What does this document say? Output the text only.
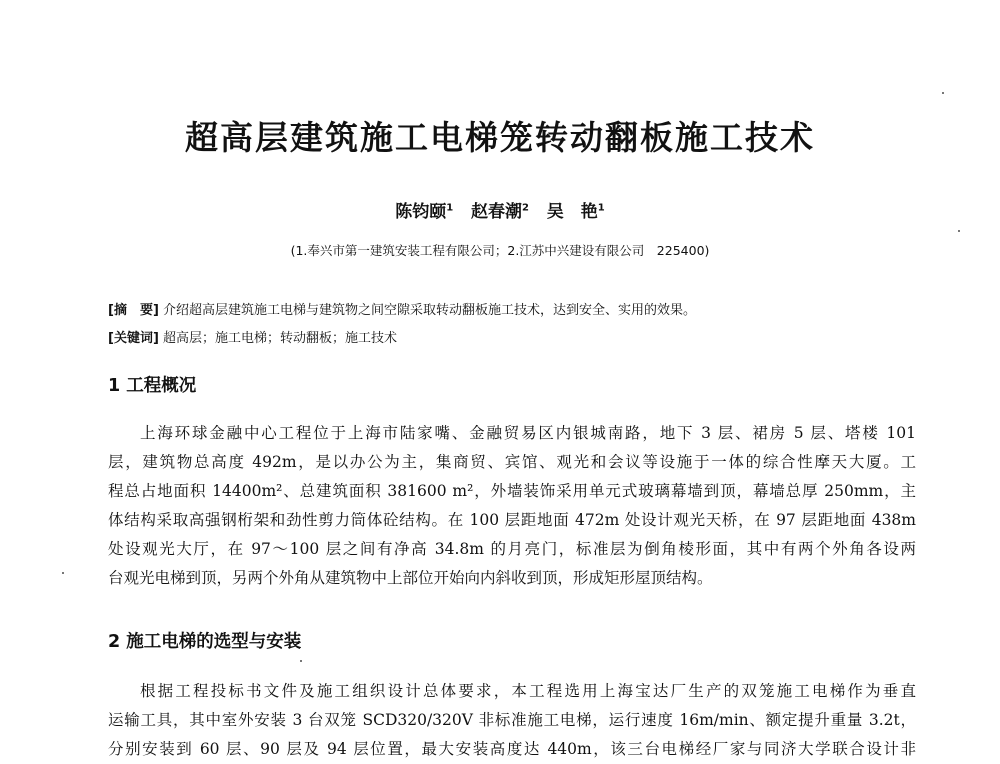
超高层建筑施工电梯笼转动翻板施工技术
陈钧颐$^1$ 赵春潮$^2$ 吴　艳$^1$
(1.奉兴市第一建筑安装工程有限公司；2.江苏中兴建设有限公司　225400)
[摘　要] 介绍超高层建筑施工电梯与建筑物之间空隙采取转动翻板施工技术，达到安全、实用的效果。
[关键词] 超高层；施工电梯；转动翻板；施工技术
1 工程概况
上海环球金融中心工程位于上海市陆家嘴、金融贸易区内银城南路，地下 3 层、裙房 5 层、塔楼 101
层，建筑物总高度 492m，是以办公为主，集商贸、宾馆、观光和会议等设施于一体的综合性摩天大厦。工
程总占地面积 14400m²、总建筑面积 381600 m²，外墙装饰采用单元式玻璃幕墙到顶，幕墙总厚 250mm，主
体结构采取高强钢桁架和劲性剪力筒体砼结构。在 100 层距地面 472m 处设计观光天桥，在 97 层距地面 438m
处设观光大厅，在 97～100 层之间有净高 34.8m 的月亮门，标准层为倒角棱形面，其中有两个外角各设两
台观光电梯到顶，另两个外角从建筑物中上部位开始向内斜收到顶，形成矩形屋顶结构。
2 施工电梯的选型与安装
根据工程投标书文件及施工组织设计总体要求，本工程选用上海宝达厂生产的双笼施工电梯作为垂直
运输工具，其中室外安装 3 台双笼 SCD320/320V 非标准施工电梯，运行速度 16m/min、额定提升重量 3.2t，
分别安装到 60 层、90 层及 94 层位置，最大安装高度达 440m，该三台电梯经厂家与同济大学联合设计非
